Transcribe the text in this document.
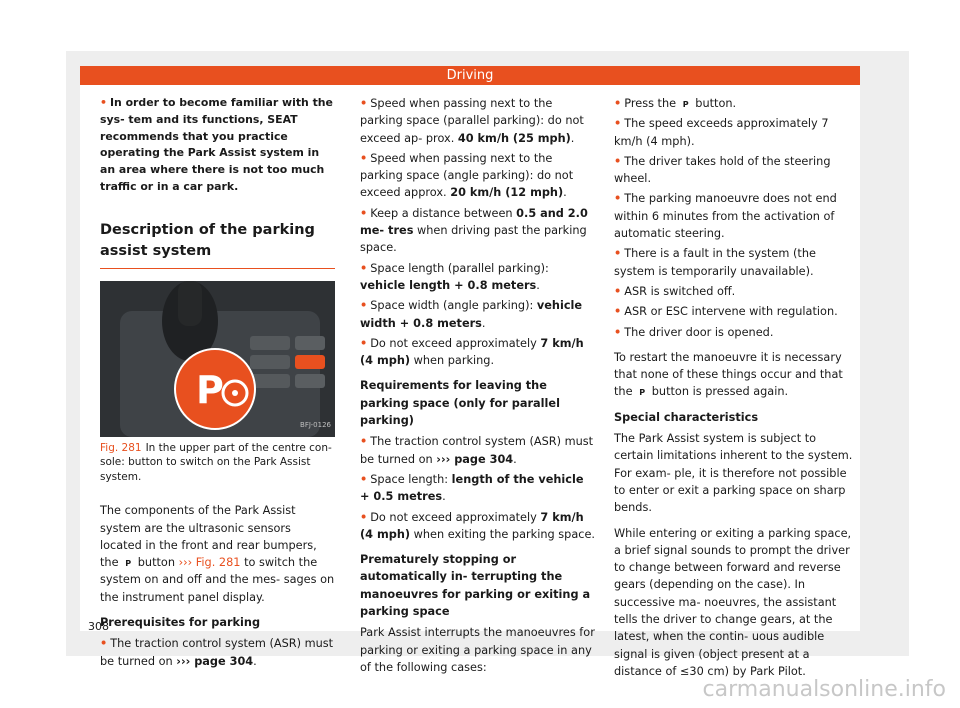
Driving

• In order to become familiar with the sys- tem and its functions, SEAT recommends that you practice operating the Park Assist system in an area where there is not too much traffic or in a car park.

Description of the parking assist system
P
BFJ-0126
Fig. 281 In the upper part of the centre con- sole: button to switch on the Park Assist system.

The components of the Park Assist system are the ultrasonic sensors located in the front and rear bumpers, the P button ››› Fig. 281 to switch the system on and off and the mes- sages on the instrument panel display.

Prerequisites for parking

• The traction control system (ASR) must be turned on ››› page 304.

• Speed when passing next to the parking space (parallel parking): do not exceed ap- prox. 40 km/h (25 mph).

• Speed when passing next to the parking space (angle parking): do not exceed approx. 20 km/h (12 mph).

• Keep a distance between 0.5 and 2.0 me- tres when driving past the parking space.

• Space length (parallel parking): vehicle length + 0.8 meters.

• Space width (angle parking): vehicle width + 0.8 meters.

• Do not exceed approximately 7 km/h (4 mph) when parking.

Requirements for leaving the parking space (only for parallel parking)

• The traction control system (ASR) must be turned on ››› page 304.

• Space length: length of the vehicle + 0.5 metres.

• Do not exceed approximately 7 km/h (4 mph) when exiting the parking space.

Prematurely stopping or automatically in- terrupting the manoeuvres for parking or exiting a parking space

Park Assist interrupts the manoeuvres for parking or exiting a parking space in any of the following cases:

• Press the P button.

• The speed exceeds approximately 7 km/h (4 mph).

• The driver takes hold of the steering wheel.

• The parking manoeuvre does not end within 6 minutes from the activation of automatic steering.

• There is a fault in the system (the system is temporarily unavailable).

• ASR is switched off.

• ASR or ESC intervene with regulation.

• The driver door is opened.

To restart the manoeuvre it is necessary that none of these things occur and that the P button is pressed again.

Special characteristics

The Park Assist system is subject to certain limitations inherent to the system. For exam- ple, it is therefore not possible to enter or exit a parking space on sharp bends.

While entering or exiting a parking space, a brief signal sounds to prompt the driver to change between forward and reverse gears (depending on the case). In successive ma- noeuvres, the assistant tells the driver to change gears, at the latest, when the contin- uous audible signal is given (object present at a distance of ≤30 cm) by Park Pilot.

308
carmanualsonline.info
